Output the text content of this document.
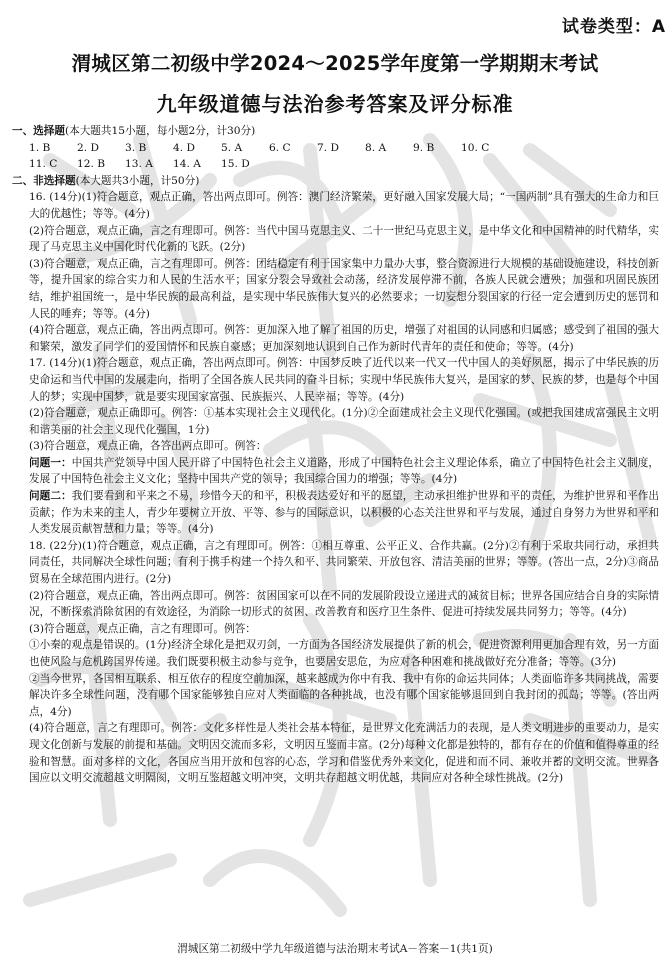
试卷类型：A
渭城区第二初级中学2024～2025学年度第一学期期末考试
九年级道德与法治参考答案及评分标准

一、选择题(本大题共15小题，每小题2分，计30分)

1. B	2. D 3. B	4. D 5. A	6. C 7. D 8. A	9. B	10. C

11. C 12. B 13. A 14. A 15. D

二、非选择题(本大题共3小题，计50分)

16. (14分)(1)符合题意，观点正确，答出两点即可。例答：澳门经济繁荣，更好融入国家发展大局；“一国两制”具有强大的生命力和巨大的优越性；等等。(4分)

(2)符合题意，观点正确，言之有理即可。例答：当代中国马克思主义、二十一世纪马克思主义，是中华文化和中国精神的时代精华，实现了马克思主义中国化时代化新的飞跃。(2分)

(3)符合题意，观点正确，言之有理即可。例答：团结稳定有利于国家集中力量办大事，整合资源进行大规模的基础设施建设，科技创新等，提升国家的综合实力和人民的生活水平；国家分裂会导致社会动荡，经济发展停滞不前，各族人民就会遭殃；加强和巩固民族团结，维护祖国统一，是中华民族的最高利益，是实现中华民族伟大复兴的必然要求；一切妄想分裂国家的行径一定会遭到历史的惩罚和人民的唾弃；等等。(4分)

(4)符合题意，观点正确，答出两点即可。例答：更加深入地了解了祖国的历史，增强了对祖国的认同感和归属感；感受到了祖国的强大和繁荣，激发了同学们的爱国情怀和民族自豪感；更加深刻地认识到自己作为新时代青年的责任和使命；等等。(4分)

17. (14分)(1)符合题意，观点正确，答出两点即可。例答：中国梦反映了近代以来一代又一代中国人的美好夙愿，揭示了中华民族的历史命运和当代中国的发展走向，指明了全国各族人民共同的奋斗目标；实现中华民族伟大复兴，是国家的梦、民族的梦，也是每个中国人的梦；实现中国梦，就是要实现国家富强、民族振兴、人民幸福；等等。(4分)

(2)符合题意，观点正确即可。例答：①基本实现社会主义现代化。(1分)②全面建成社会主义现代化强国。(或把我国建成富强民主文明和谐美丽的社会主义现代化强国，1分)

(3)符合题意，观点正确，各答出两点即可。例答：

问题一：中国共产党领导中国人民开辟了中国特色社会主义道路，形成了中国特色社会主义理论体系，确立了中国特色社会主义制度，发展了中国特色社会主义文化；坚持中国共产党的领导；我国综合国力的增强；等等。(4分)

问题二：我们要看到和平来之不易，珍惜今天的和平，积极表达爱好和平的愿望，主动承担维护世界和平的责任，为维护世界和平作出贡献；作为未来的主人，青少年要树立开放、平等、参与的国际意识，以积极的心态关注世界和平与发展，通过自身努力为世界和平和人类发展贡献智慧和力量；等等。(4分)

18. (22分)(1)符合题意，观点正确，言之有理即可。例答：①相互尊重、公平正义、合作共赢。(2分)②有利于采取共同行动，承担共同责任，共同解决全球性问题；有利于携手构建一个持久和平、共同繁荣、开放包容、清洁美丽的世界；等等。(答出一点，2分)③商品贸易在全球范围内进行。(2分)

(2)符合题意，观点正确，答出两点即可。例答：贫困国家可以在不同的发展阶段设立递进式的减贫目标；世界各国应结合自身的实际情况，不断探索消除贫困的有效途径，为消除一切形式的贫困、改善教育和医疗卫生条件、促进可持续发展共同努力；等等。(4分)

(3)符合题意，观点正确，言之有理即可。例答：

①小秦的观点是错误的。(1分)经济全球化是把双刃剑，一方面为各国经济发展提供了新的机会，促进资源利用更加合理有效，另一方面也使风险与危机跨国界传递。我们既要积极主动参与竞争，也要居安思危，为应对各种困难和挑战做好充分准备；等等。(3分)

②当今世界，各国相互联系、相互依存的程度空前加深，越来越成为你中有我、我中有你的命运共同体；人类面临许多共同挑战，需要解决许多全球性问题，没有哪个国家能够独自应对人类面临的各种挑战，也没有哪个国家能够退回到自我封闭的孤岛；等等。(答出两点，4分)

(4)符合题意，言之有理即可。例答：文化多样性是人类社会基本特征，是世界文化充满活力的表现，是人类文明进步的重要动力，是实现文化创新与发展的前提和基础。文明因交流而多彩，文明因互鉴而丰富。(2分)每种文化都是独特的，都有存在的价值和值得尊重的经验和智慧。面对多样的文化，各国应当用开放和包容的心态，学习和借鉴优秀外来文化，促进和而不同、兼收并蓄的文明交流。世界各国应以文明交流超越文明隔阂，文明互鉴超越文明冲突，文明共存超越文明优越，共同应对各种全球性挑战。(2分)

渭城区第二初级中学九年级道德与法治期末考试A－答案－1(共1页)
